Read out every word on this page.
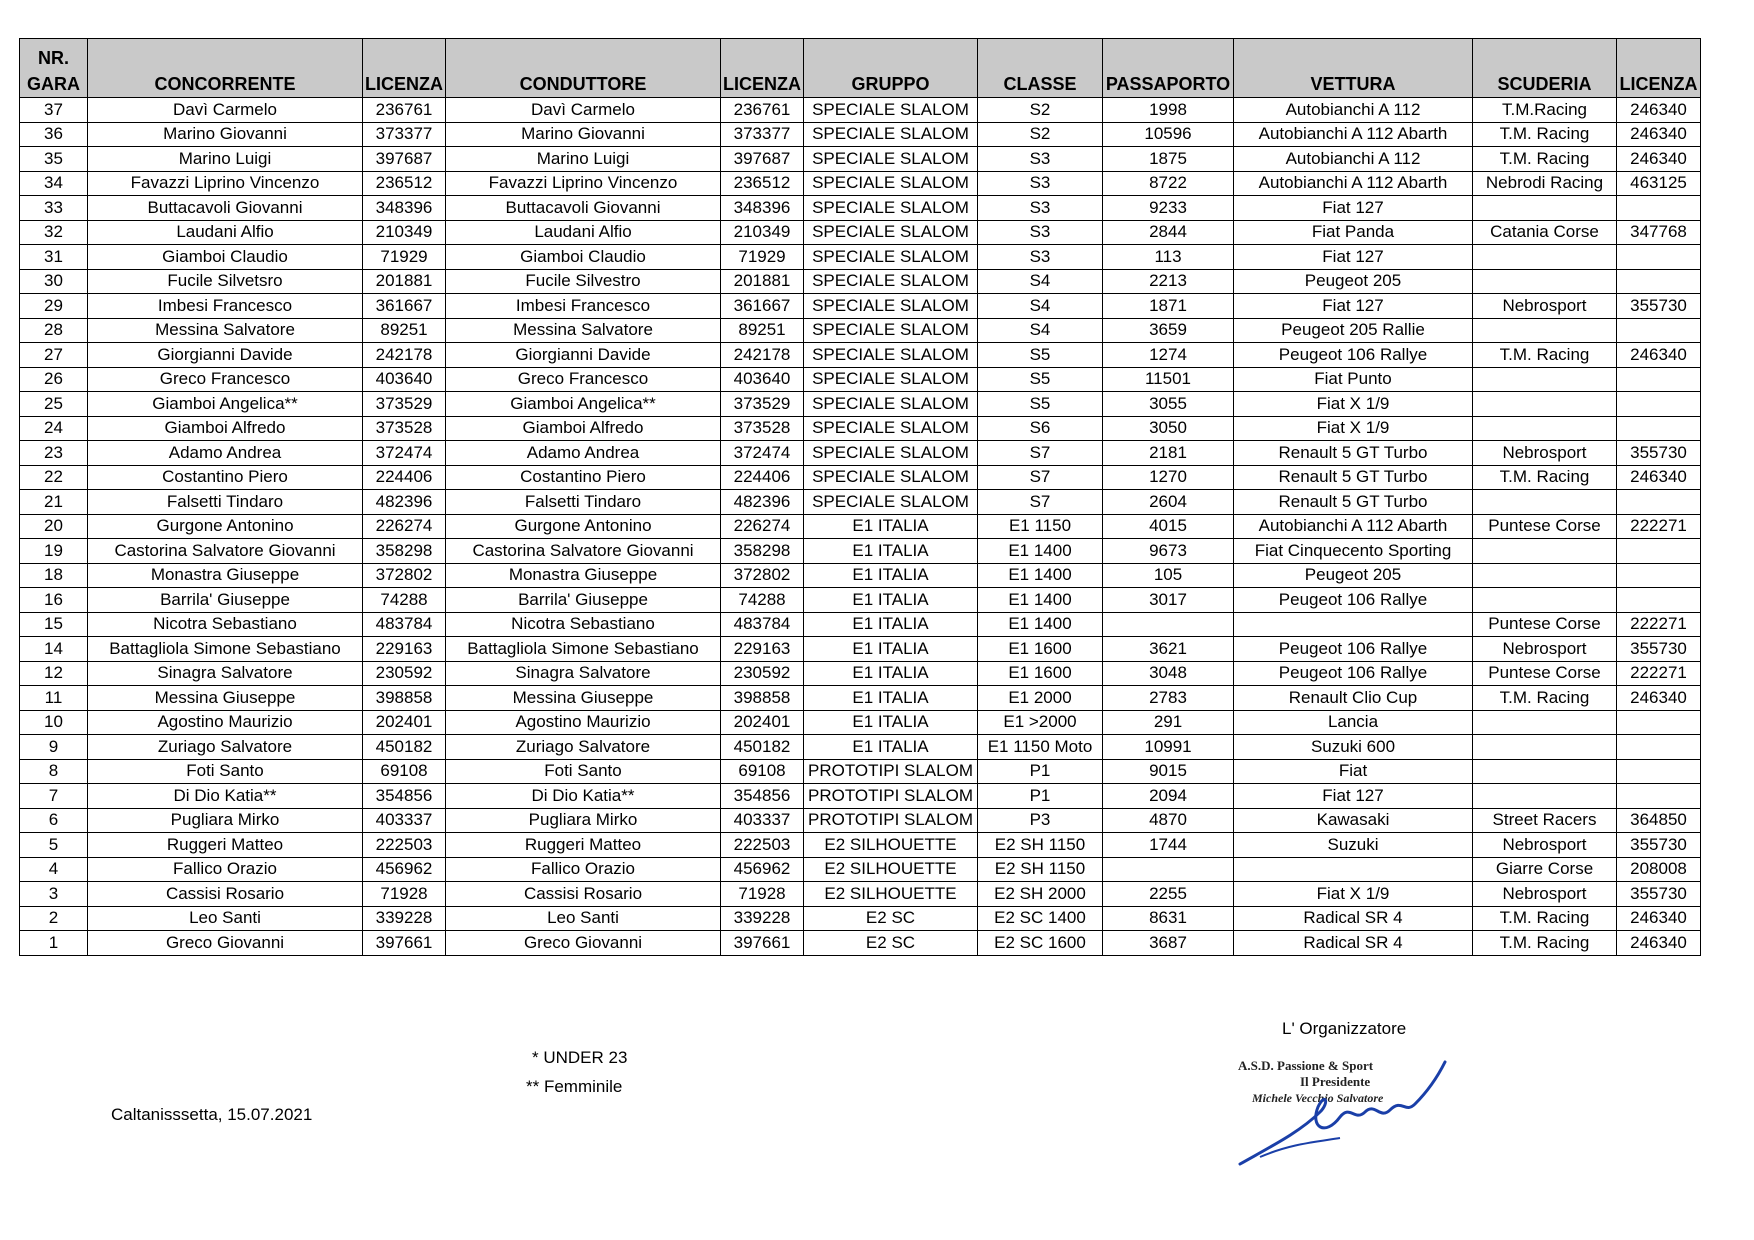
NR. GARA	CONCORRENTE	LICENZA	CONDUTTORE	LICENZA	GRUPPO	CLASSE	PASSAPORTO	VETTURA	SCUDERIA	LICENZA
37	Davì Carmelo	236761	Davì Carmelo	236761	SPECIALE SLALOM	S2	1998	Autobianchi A 112	T.M.Racing	246340
36	Marino Giovanni	373377	Marino Giovanni	373377	SPECIALE SLALOM	S2	10596	Autobianchi A 112 Abarth	T.M. Racing	246340
35	Marino Luigi	397687	Marino Luigi	397687	SPECIALE SLALOM	S3	1875	Autobianchi A 112	T.M. Racing	246340
34	Favazzi Liprino Vincenzo	236512	Favazzi Liprino Vincenzo	236512	SPECIALE SLALOM	S3	8722	Autobianchi A 112 Abarth	Nebrodi Racing	463125
33	Buttacavoli Giovanni	348396	Buttacavoli Giovanni	348396	SPECIALE SLALOM	S3	9233	Fiat 127		
32	Laudani Alfio	210349	Laudani Alfio	210349	SPECIALE SLALOM	S3	2844	Fiat Panda	Catania Corse	347768
31	Giamboi Claudio	71929	Giamboi Claudio	71929	SPECIALE SLALOM	S3	113	Fiat 127		
30	Fucile Silvetsro	201881	Fucile Silvestro	201881	SPECIALE SLALOM	S4	2213	Peugeot 205		
29	Imbesi Francesco	361667	Imbesi Francesco	361667	SPECIALE SLALOM	S4	1871	Fiat 127	Nebrosport	355730
28	Messina Salvatore	89251	Messina Salvatore	89251	SPECIALE SLALOM	S4	3659	Peugeot 205 Rallie		
27	Giorgianni Davide	242178	Giorgianni Davide	242178	SPECIALE SLALOM	S5	1274	Peugeot 106 Rallye	T.M. Racing	246340
26	Greco Francesco	403640	Greco Francesco	403640	SPECIALE SLALOM	S5	11501	Fiat Punto		
25	Giamboi Angelica**	373529	Giamboi Angelica**	373529	SPECIALE SLALOM	S5	3055	Fiat X 1/9		
24	Giamboi Alfredo	373528	Giamboi Alfredo	373528	SPECIALE SLALOM	S6	3050	Fiat X 1/9		
23	Adamo Andrea	372474	Adamo Andrea	372474	SPECIALE SLALOM	S7	2181	Renault 5 GT Turbo	Nebrosport	355730
22	Costantino Piero	224406	Costantino Piero	224406	SPECIALE SLALOM	S7	1270	Renault 5 GT Turbo	T.M. Racing	246340
21	Falsetti Tindaro	482396	Falsetti Tindaro	482396	SPECIALE SLALOM	S7	2604	Renault 5 GT Turbo		
20	Gurgone Antonino	226274	Gurgone Antonino	226274	E1 ITALIA	E1 1150	4015	Autobianchi A 112 Abarth	Puntese Corse	222271
19	Castorina Salvatore Giovanni	358298	Castorina Salvatore Giovanni	358298	E1 ITALIA	E1 1400	9673	Fiat Cinquecento Sporting		
18	Monastra Giuseppe	372802	Monastra Giuseppe	372802	E1 ITALIA	E1 1400	105	Peugeot 205		
16	Barrila' Giuseppe	74288	Barrila' Giuseppe	74288	E1 ITALIA	E1 1400	3017	Peugeot 106 Rallye		
15	Nicotra Sebastiano	483784	Nicotra Sebastiano	483784	E1 ITALIA	E1 1400			Puntese Corse	222271
14	Battagliola Simone Sebastiano	229163	Battagliola Simone Sebastiano	229163	E1 ITALIA	E1 1600	3621	Peugeot 106 Rallye	Nebrosport	355730
12	Sinagra Salvatore	230592	Sinagra Salvatore	230592	E1 ITALIA	E1 1600	3048	Peugeot 106 Rallye	Puntese Corse	222271
11	Messina Giuseppe	398858	Messina Giuseppe	398858	E1 ITALIA	E1 2000	2783	Renault Clio Cup	T.M. Racing	246340
10	Agostino Maurizio	202401	Agostino Maurizio	202401	E1 ITALIA	E1 >2000	291	Lancia		
9	Zuriago Salvatore	450182	Zuriago Salvatore	450182	E1 ITALIA	E1 1150 Moto	10991	Suzuki 600		
8	Foti Santo	69108	Foti Santo	69108	PROTOTIPI SLALOM	P1	9015	Fiat		
7	Di Dio Katia**	354856	Di Dio Katia**	354856	PROTOTIPI SLALOM	P1	2094	Fiat 127		
6	Pugliara Mirko	403337	Pugliara Mirko	403337	PROTOTIPI SLALOM	P3	4870	Kawasaki	Street Racers	364850
5	Ruggeri Matteo	222503	Ruggeri Matteo	222503	E2 SILHOUETTE	E2 SH 1150	1744	Suzuki	Nebrosport	355730
4	Fallico Orazio	456962	Fallico Orazio	456962	E2 SILHOUETTE	E2 SH 1150			Giarre Corse	208008
3	Cassisi Rosario	71928	Cassisi Rosario	71928	E2 SILHOUETTE	E2 SH 2000	2255	Fiat X 1/9	Nebrosport	355730
2	Leo Santi	339228	Leo Santi	339228	E2 SC	E2 SC 1400	8631	Radical SR 4	T.M. Racing	246340
1	Greco Giovanni	397661	Greco Giovanni	397661	E2 SC	E2 SC 1600	3687	Radical SR 4	T.M. Racing	246340
* UNDER 23
** Femminile
Caltanisssetta, 15.07.2021
L' Organizzatore
A.S.D. Passione & Sport
Il Presidente
Michele Vecchio Salvatore
